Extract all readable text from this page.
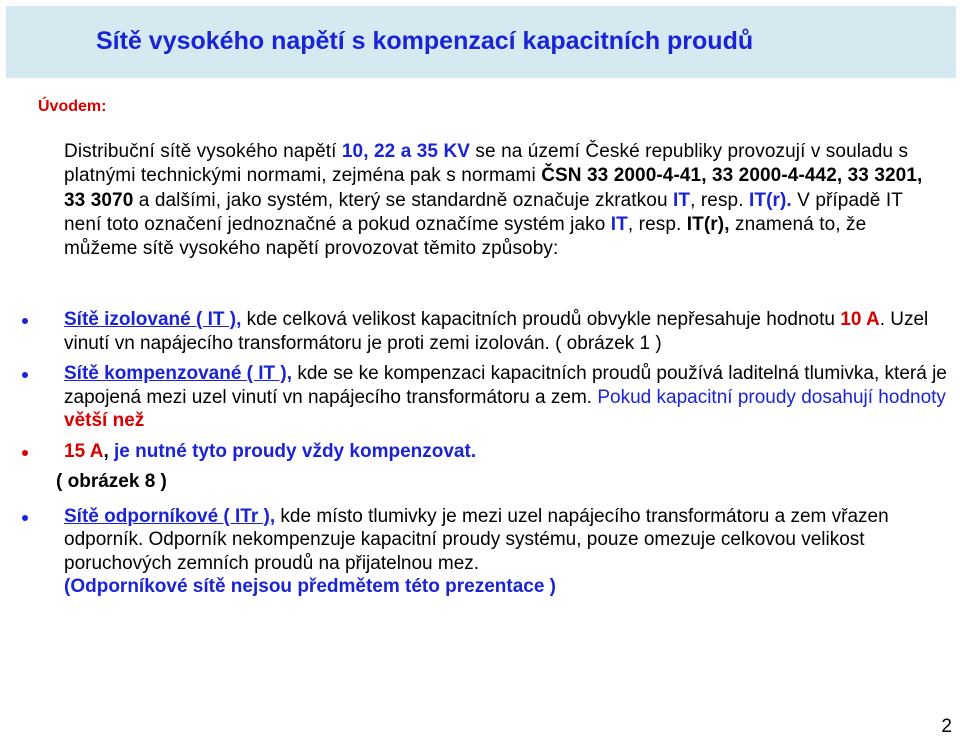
Sítě vysokého napětí s kompenzací kapacitních proudů
Úvodem:
Distribuční sítě vysokého napětí 10, 22 a 35 KV se na území České republiky provozují v souladu s platnými technickými normami, zejména pak s normami ČSN 33 2000-4-41, 33 2000-4-442, 33 3201, 33 3070 a dalšími, jako systém, který se standardně označuje zkratkou IT, resp. IT(r). V případě IT není toto označení jednoznačné a pokud označíme systém jako IT, resp. IT(r), znamená to, že můžeme sítě vysokého napětí provozovat těmito způsoby:
Sítě izolované ( IT ), kde celková velikost kapacitních proudů obvykle nepřesahuje hodnotu 10 A. Uzel vinutí vn napájecího transformátoru je proti zemi izolován. ( obrázek 1 )
Sítě kompenzované ( IT ), kde se ke kompenzaci kapacitních proudů používá laditelná tlumivka, která je zapojená mezi uzel vinutí vn napájecího transformátoru a zem. Pokud kapacitní proudy dosahují hodnoty větší než
15 A, je nutné tyto proudy vždy kompenzovat.
( obrázek 8 )
Sítě odporníkové ( ITr ), kde místo tlumivky je mezi uzel napájecího transformátoru a zem vřazen odporník. Odporník nekompenzuje kapacitní proudy systému, pouze omezuje celkovou velikost poruchových zemních proudů na přijatelnou mez.
(Odporníkové sítě nejsou předmětem této prezentace )
2
